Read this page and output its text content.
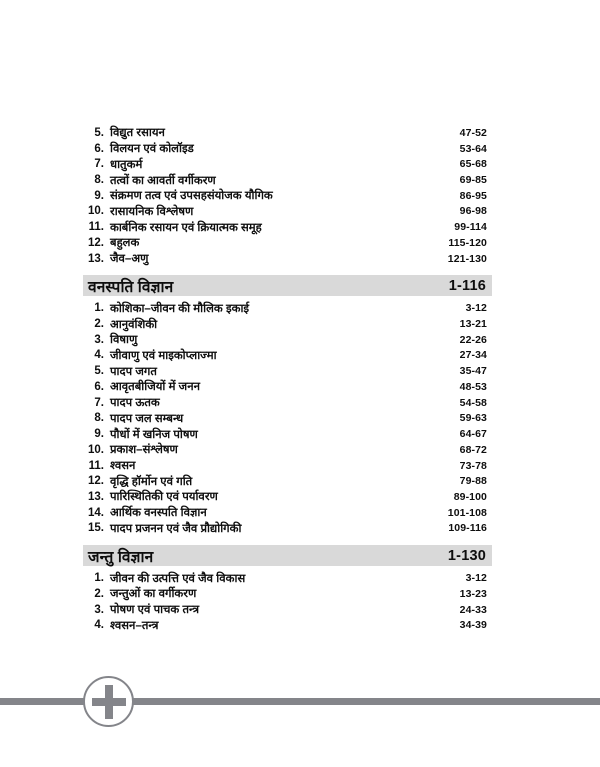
5. विद्युत रसायन	47-52
6. विलयन एवं कोलॉइड	53-64
7. धातुकर्म	65-68
8. तत्वों का आवर्ती वर्गीकरण	69-85
9. संक्रमण तत्व एवं उपसहसंयोजक यौगिक	86-95
10. रासायनिक विश्लेषण	96-98
11. कार्बनिक रसायन एवं क्रियात्मक समूह	99-114
12. बहुलक	115-120
13. जैव–अणु	121-130
वनस्पति विज्ञान	1-116
1. कोशिका–जीवन की मौलिक इकाई	3-12
2. आनुवंशिकी	13-21
3. विषाणु	22-26
4. जीवाणु एवं माइकोप्लाज्मा	27-34
5. पादप जगत	35-47
6. आवृतबीजियों में जनन	48-53
7. पादप ऊतक	54-58
8. पादप जल सम्बन्ध	59-63
9. पौधों में खनिज पोषण	64-67
10. प्रकाश–संश्लेषण	68-72
11. श्वसन	73-78
12. वृद्धि हॉर्मोन एवं गति	79-88
13. पारिस्थितिकी एवं पर्यावरण	89-100
14. आर्थिक वनस्पति विज्ञान	101-108
15. पादप प्रजनन एवं जैव प्रौद्योगिकी	109-116
जन्तु विज्ञान	1-130
1. जीवन की उत्पत्ति एवं जैव विकास	3-12
2. जन्तुओं का वर्गीकरण	13-23
3. पोषण एवं पाचक तन्त्र	24-33
4. श्वसन–तन्त्र	34-39
